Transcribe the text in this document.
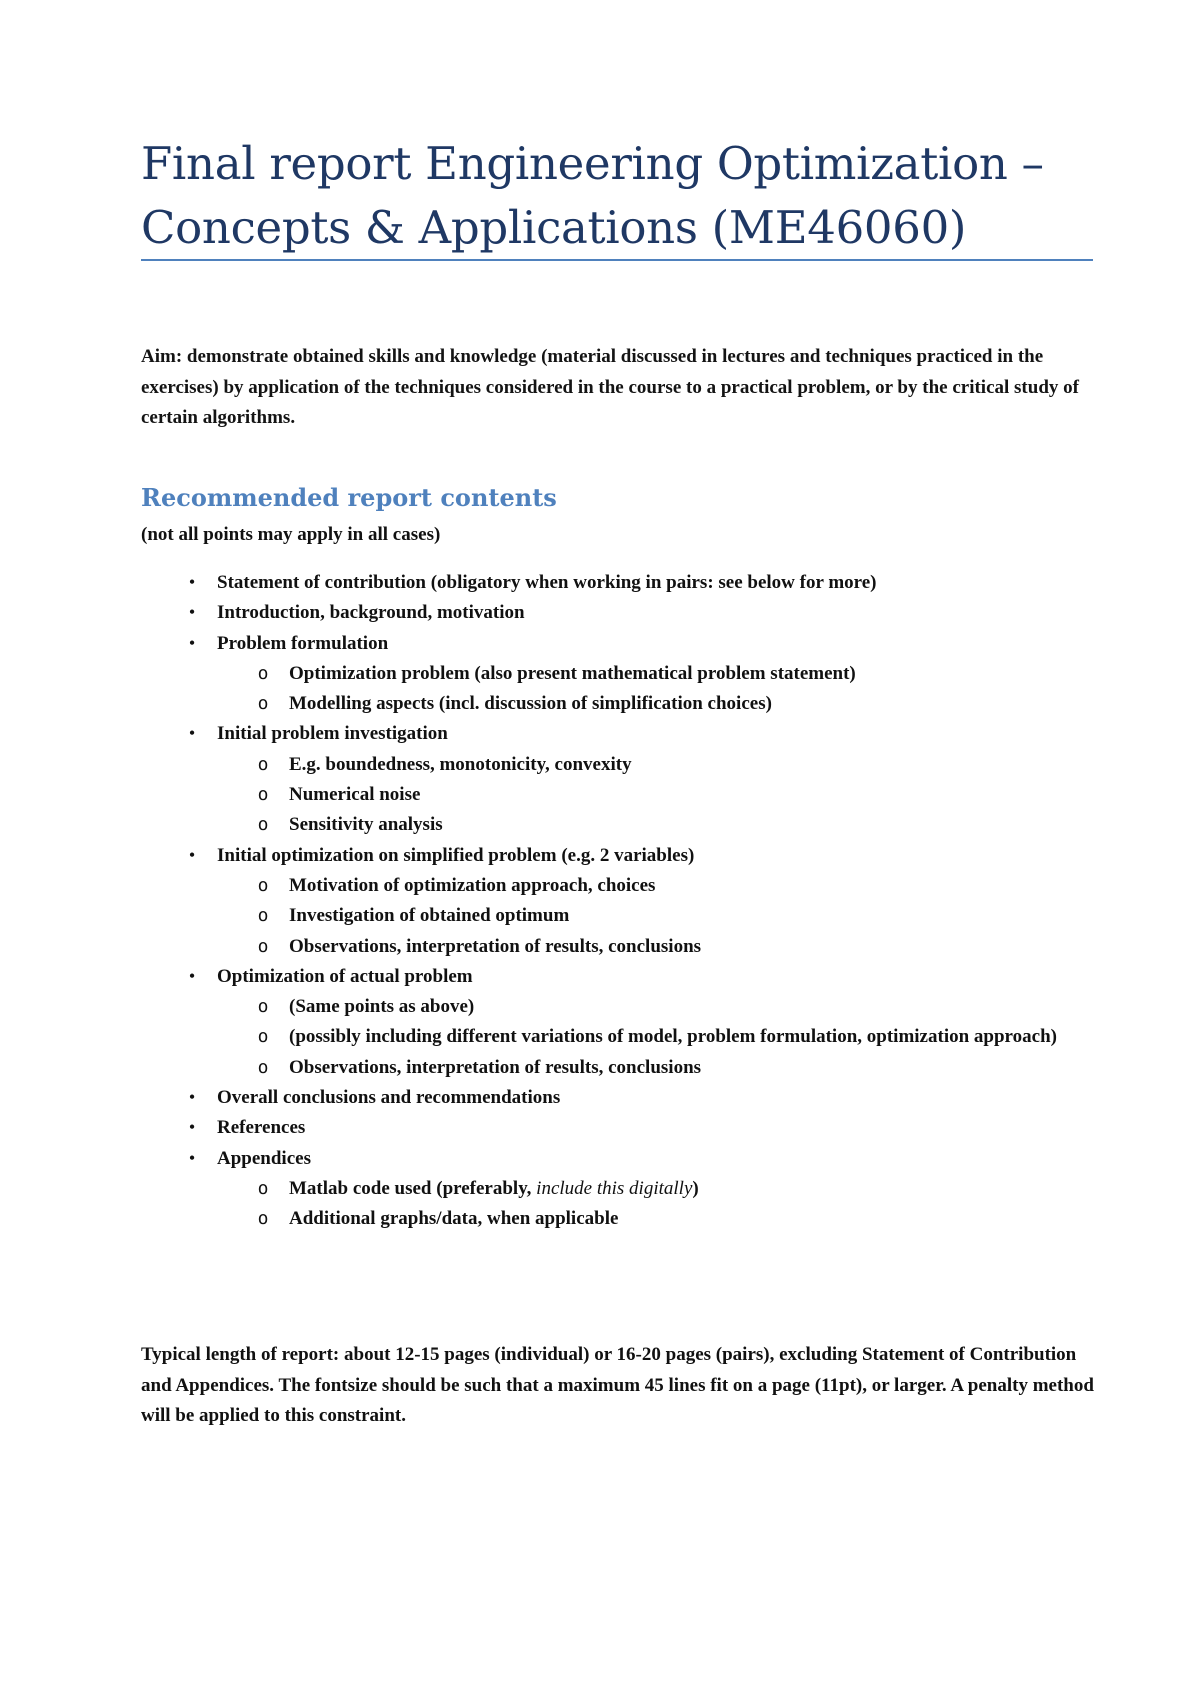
Final report Engineering Optimization – Concepts & Applications (ME46060)

Aim: demonstrate obtained skills and knowledge (material discussed in lectures and techniques practiced in the exercises) by application of the techniques considered in the course to a practical problem, or by the critical study of certain algorithms.

Recommended report contents

(not all points may apply in all cases)

•	Statement of contribution (obligatory when working in pairs: see below for more)
•	Introduction, background, motivation
•	Problem formulation
o Optimization problem (also present mathematical problem statement)
o Modelling aspects (incl. discussion of simplification choices)
•	Initial problem investigation
o E.g. boundedness, monotonicity, convexity
o Numerical noise
o Sensitivity analysis
•	Initial optimization on simplified problem (e.g. 2 variables)
o Motivation of optimization approach, choices
o Investigation of obtained optimum
o Observations, interpretation of results, conclusions
•	Optimization of actual problem
o (Same points as above)
o (possibly including different variations of model, problem formulation, optimization approach)
o Observations, interpretation of results, conclusions
•	Overall conclusions and recommendations
•	References
•	Appendices
o Matlab code used (preferably, include this digitally)
o Additional graphs/data, when applicable

Typical length of report: about 12-15 pages (individual) or 16-20 pages (pairs), excluding Statement of Contribution and Appendices. The fontsize should be such that a maximum 45 lines fit on a page (11pt), or larger. A penalty method will be applied to this constraint.
